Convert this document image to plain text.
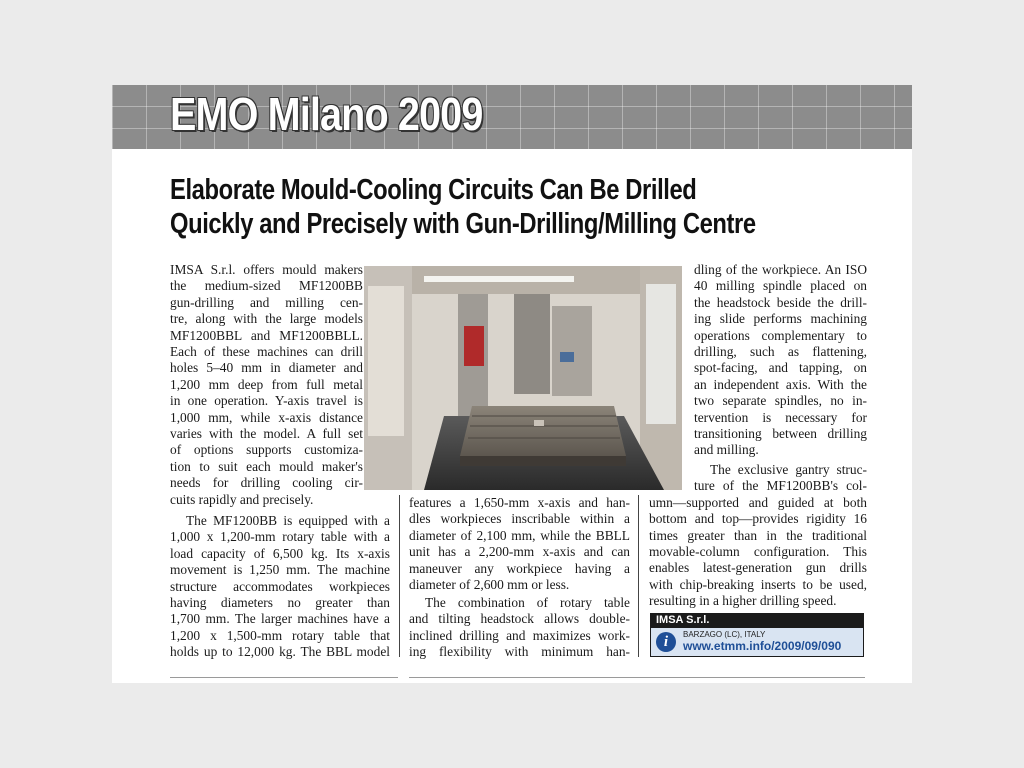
EMO Milano 2009
Elaborate Mould-Cooling Circuits Can Be Drilled
Quickly and Precisely with Gun-Drilling/Milling Centre
IMSA S.r.l. offers mould makers
the medium-sized MF1200BB
gun-drilling and milling cen-
tre, along with the large models
MF1200BBL and MF1200BBLL.
Each of these machines can drill
holes 5–40 mm in diameter and
1,200 mm deep from full metal
in one operation. Y-axis travel is
1,000 mm, while x-axis distance
varies with the model. A full set
of options supports customiza-
tion to suit each mould maker's
needs for drilling cooling cir-
cuits rapidly and precisely.
The MF1200BB is equipped with a
1,000 x 1,200-mm rotary table with a
load capacity of 6,500 kg. Its x-axis
movement is 1,250 mm. The machine
structure accommodates workpieces
having diameters no greater than
1,700 mm. The larger machines have a
1,200 x 1,500-mm rotary table that
holds up to 12,000 kg. The BBL model
features a 1,650-mm x-axis and han-
dles workpieces inscribable within a
diameter of 2,100 mm, while the BBLL
unit has a 2,200-mm x-axis and can
maneuver any workpiece having a
diameter of 2,600 mm or less.
The combination of rotary table
and tilting headstock allows double-
inclined drilling and maximizes work-
ing flexibility with minimum han-
dling of the workpiece. An ISO
40 milling spindle placed on
the headstock beside the drill-
ing slide performs machining
operations complementary to
drilling, such as flattening,
spot-facing, and tapping, on
an independent axis. With the
two separate spindles, no in-
tervention is necessary for
transitioning between drilling
and milling.
The exclusive gantry struc-
ture of the MF1200BB's col-
umn—supported and guided at both
bottom and top—provides rigidity 16
times greater than in the traditional
movable-column configuration. This
enables latest-generation gun drills
with chip-breaking inserts to be used,
resulting in a higher drilling speed.
IMSA S.r.l.
i	BARZAGO (LC), ITALY
www.etmm.info/2009/09/090
